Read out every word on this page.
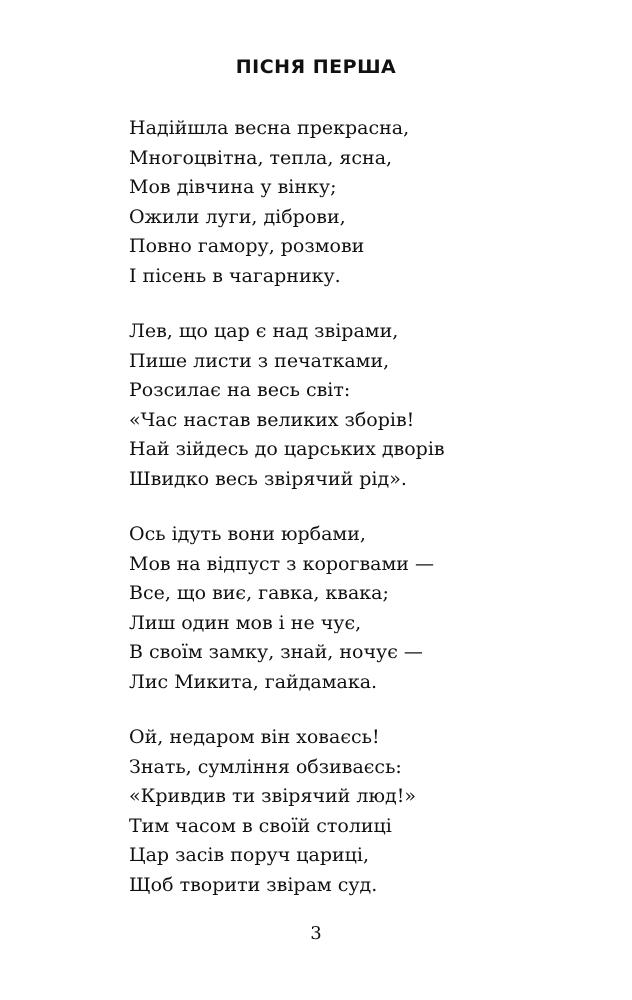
ПІСНЯ ПЕРША
Надійшла весна прекрасна,
Многоцвітна, тепла, ясна,
Мов дівчина у вінку;
Ожили луги, діброви,
Повно гамору, розмови
І пісень в чагарнику.
Лев, що цар є над звірами,
Пише листи з печатками,
Розсилає на весь світ:
«Час настав великих зборів!
Най зійдесь до царських дворів
Швидко весь звірячий рід».
Ось ідуть вони юрбами,
Мов на відпуст з корогвами —
Все, що виє, гавка, квака;
Лиш один мов і не чує,
В своїм замку, знай, ночує —
Лис Микита, гайдамака.
Ой, недаром він ховаєсь!
Знать, сумління обзиваєсь:
«Кривдив ти звірячий люд!»
Тим часом в своїй столиці
Цар засів поруч цариці,
Щоб творити звірам суд.
3
